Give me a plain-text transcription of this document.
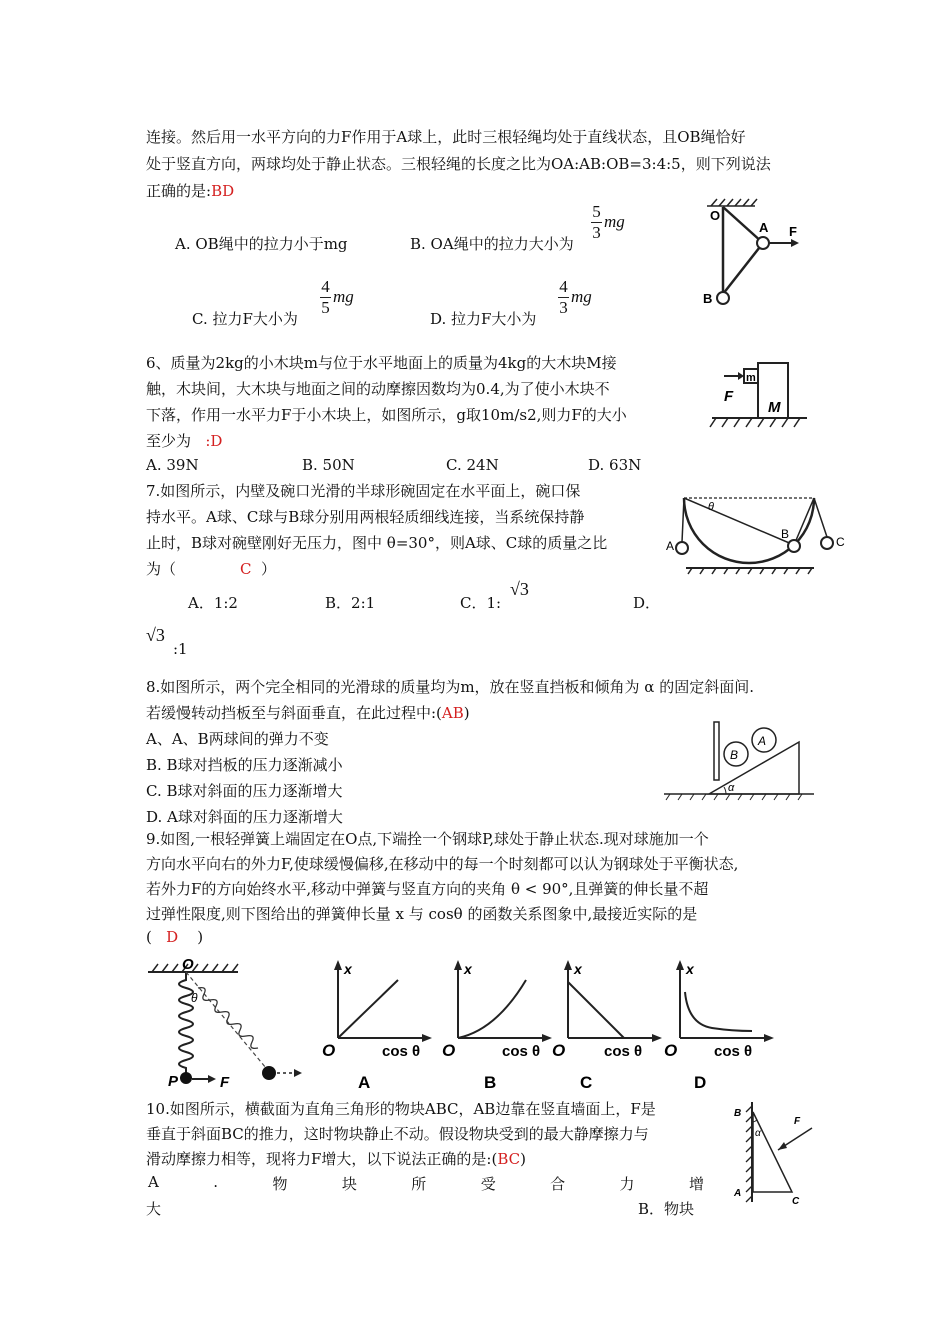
连接。然后用一水平方向的力F作用于A球上，此时三根轻绳均处于直线状态，且OB绳恰好
处于竖直方向，两球均处于静止状态。三根轻绳的长度之比为OA:AB:OB=3:4:5，则下列说法
正确的是:BD
A. OB绳中的拉力小于mg	B. OA绳中的拉力大小为
5
3
mg
C. 拉力F大小为
4
5
mg
D. 拉力F大小为
4
3
mg
O
A F
B
6、质量为2kg的小木块m与位于水平地面上的质量为4kg的大木块M接
触，木块间，大木块与地面之间的动摩擦因数均为0.4,为了使小木块不
下落，作用一水平力F于小木块上，如图所示，g取10m/s2,则力F的大小
至少为 :D
A. 39N	B. 50N	C. 24N	D. 63N
m
F
M
7.如图所示，内壁及碗口光滑的半球形碗固定在水平面上，碗口保
持水平。A球、C球与B球分别用两根轻质细线连接，当系统保持静
止时，B球对碗壁刚好无压力，图中 θ=30°，则A球、C球的质量之比
为（	C ）
A．1:2	B．2:1	C．1:
√3
D．
√3
:1
θ
A
B
C
8.如图所示，两个完全相同的光滑球的质量均为m，放在竖直挡板和倾角为 α 的固定斜面间.
若缓慢转动挡板至与斜面垂直，在此过程中:(AB)
A、A、B两球间的弹力不变
B. B球对挡板的压力逐渐减小
C. B球对斜面的压力逐渐增大
D. A球对斜面的压力逐渐增大
α
B
A
9.如图,一根轻弹簧上端固定在O点,下端拴一个钢球P,球处于静止状态.现对球施加一个
方向水平向右的外力F,使球缓慢偏移,在移动中的每一个时刻都可以认为钢球处于平衡状态,
若外力F的方向始终水平,移动中弹簧与竖直方向的夹角 θ < 90°,且弹簧的伸长量不超
过弹性限度,则下图给出的弹簧伸长量 x 与 cosθ 的函数关系图象中,最接近实际的是
( D )
O
θ
P	F
x
O	cos θ
A
x
O	cos θ
B
x
O	cos θ
C
x
O cos θ
D
10.如图所示，横截面为直角三角形的物块ABC，AB边靠在竖直墙面上，F是
垂直于斜面BC的推力，这时物块静止不动。假设物块受到的最大静摩擦力与
滑动摩擦力相等，现将力F增大，以下说法正确的是:(BC)
A	.	物	块	所	受	合	力	增
大	B．物块
B
α
F
A
C
